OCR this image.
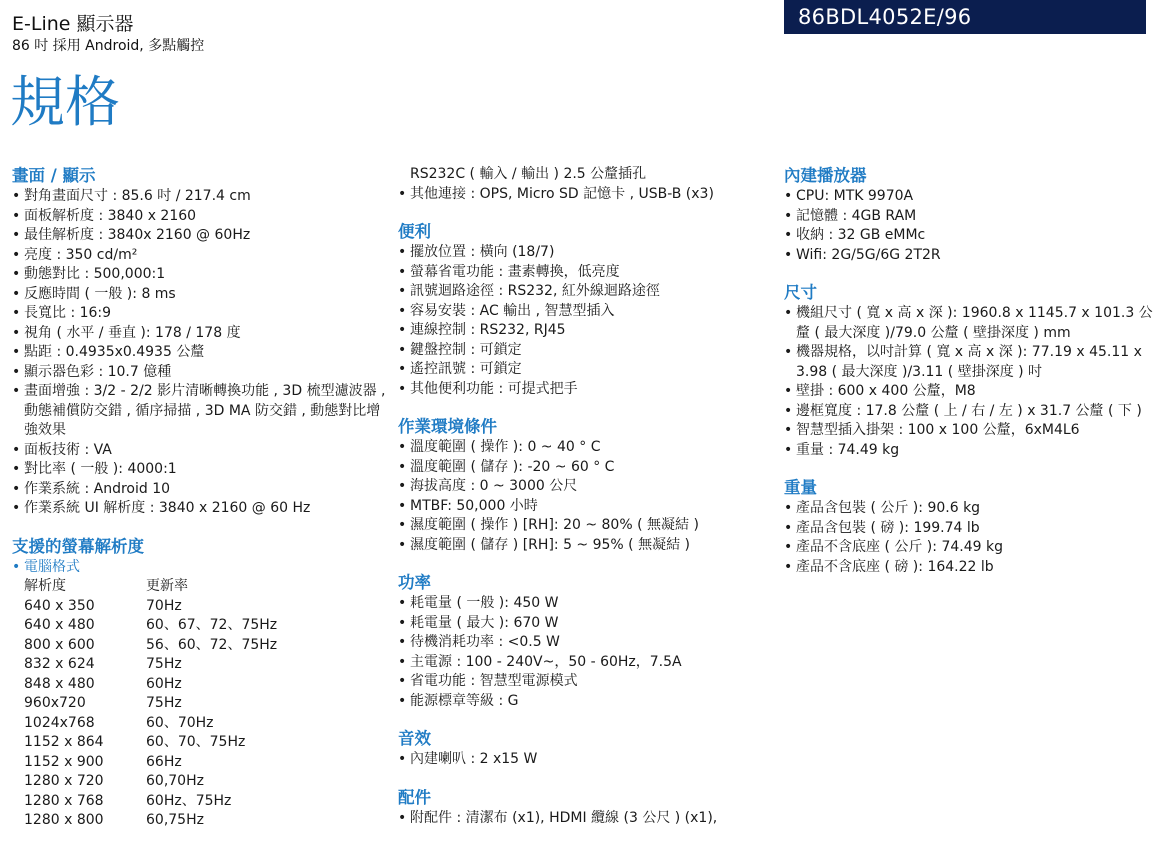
E-Line 顯示器
86 吋 採用 Android, 多點觸控
86BDL4052E/96
規格
畫面 / 顯示
• 對角畫面尺寸 : 85.6 吋 / 217.4 cm
• 面板解析度 : 3840 x 2160
• 最佳解析度 : 3840x 2160 @ 60Hz
• 亮度 : 350 cd/m²
• 動態對比 : 500,000:1
• 反應時間 ( 一般 ): 8 ms
• 長寬比 : 16:9
• 視角 ( 水平 / 垂直 ): 178 / 178 度
• 點距 : 0.4935x0.4935 公釐
• 顯示器色彩 : 10.7 億種
• 畫面增強 : 3/2 - 2/2 影片清晰轉換功能 , 3D 梳型濾波器 , 動態補償防交錯 , 循序掃描 , 3D MA 防交錯 , 動態對比增強效果
• 面板技術 : VA
• 對比率 ( 一般 ): 4000:1
• 作業系統 : Android 10
• 作業系統 UI 解析度 : 3840 x 2160 @ 60 Hz
支援的螢幕解析度
• 電腦格式
解析度	更新率
640 x 350	70Hz
640 x 480	60、67、72、75Hz
800 x 600	56、60、72、75Hz
832 x 624	75Hz
848 x 480	60Hz
960x720	75Hz
1024x768	60、70Hz
1152 x 864	60、70、75Hz
1152 x 900	66Hz
1280 x 720	60,70Hz
1280 x 768	60Hz、75Hz
1280 x 800	60,75Hz
RS232C ( 輸入 / 輸出 ) 2.5 公釐插孔
• 其他連接 : OPS, Micro SD 記憶卡 , USB-B (x3)
便利
• 擺放位置 : 橫向 (18/7)
• 螢幕省電功能 : 畫素轉換，低亮度
• 訊號迴路途徑 : RS232, 紅外線迴路途徑
• 容易安裝 : AC 輸出 , 智慧型插入
• 連線控制 : RS232, RJ45
• 鍵盤控制 : 可鎖定
• 遙控訊號 : 可鎖定
• 其他便利功能 : 可提式把手
作業環境條件
• 溫度範圍 ( 操作 ): 0 ~ 40 ° C
• 溫度範圍 ( 儲存 ): -20 ~ 60 ° C
• 海拔高度 : 0 ~ 3000 公尺
• MTBF: 50,000 小時
• 濕度範圍 ( 操作 ) [RH]: 20 ~ 80% ( 無凝結 )
• 濕度範圍 ( 儲存 ) [RH]: 5 ~ 95% ( 無凝結 )
功率
• 耗電量 ( 一般 ): 450 W
• 耗電量 ( 最大 ): 670 W
• 待機消耗功率 : <0.5 W
• 主電源 : 100 - 240V~，50 - 60Hz，7.5A
• 省電功能 : 智慧型電源模式
• 能源標章等級 : G
音效
• 內建喇叭 : 2 x15 W
配件
• 附配件 : 清潔布 (x1), HDMI 纜線 (3 公尺 ) (x1),
內建播放器
• CPU: MTK 9970A
• 記憶體 : 4GB RAM
• 收納 : 32 GB eMMc
• Wifi: 2G/5G/6G 2T2R
尺寸
• 機組尺寸 ( 寬 x 高 x 深 ): 1960.8 x 1145.7 x 101.3 公釐 ( 最大深度 )/79.0 公釐 ( 壁掛深度 ) mm
• 機器規格，以吋計算 ( 寬 x 高 x 深 ): 77.19 x 45.11 x 3.98 ( 最大深度 )/3.11 ( 壁掛深度 ) 吋
• 壁掛 : 600 x 400 公釐，M8
• 邊框寬度 : 17.8 公釐 ( 上 / 右 / 左 ) x 31.7 公釐 ( 下 )
• 智慧型插入掛架 : 100 x 100 公釐，6xM4L6
• 重量 : 74.49 kg
重量
• 產品含包裝 ( 公斤 ): 90.6 kg
• 產品含包裝 ( 磅 ): 199.74 lb
• 產品不含底座 ( 公斤 ): 74.49 kg
• 產品不含底座 ( 磅 ): 164.22 lb
